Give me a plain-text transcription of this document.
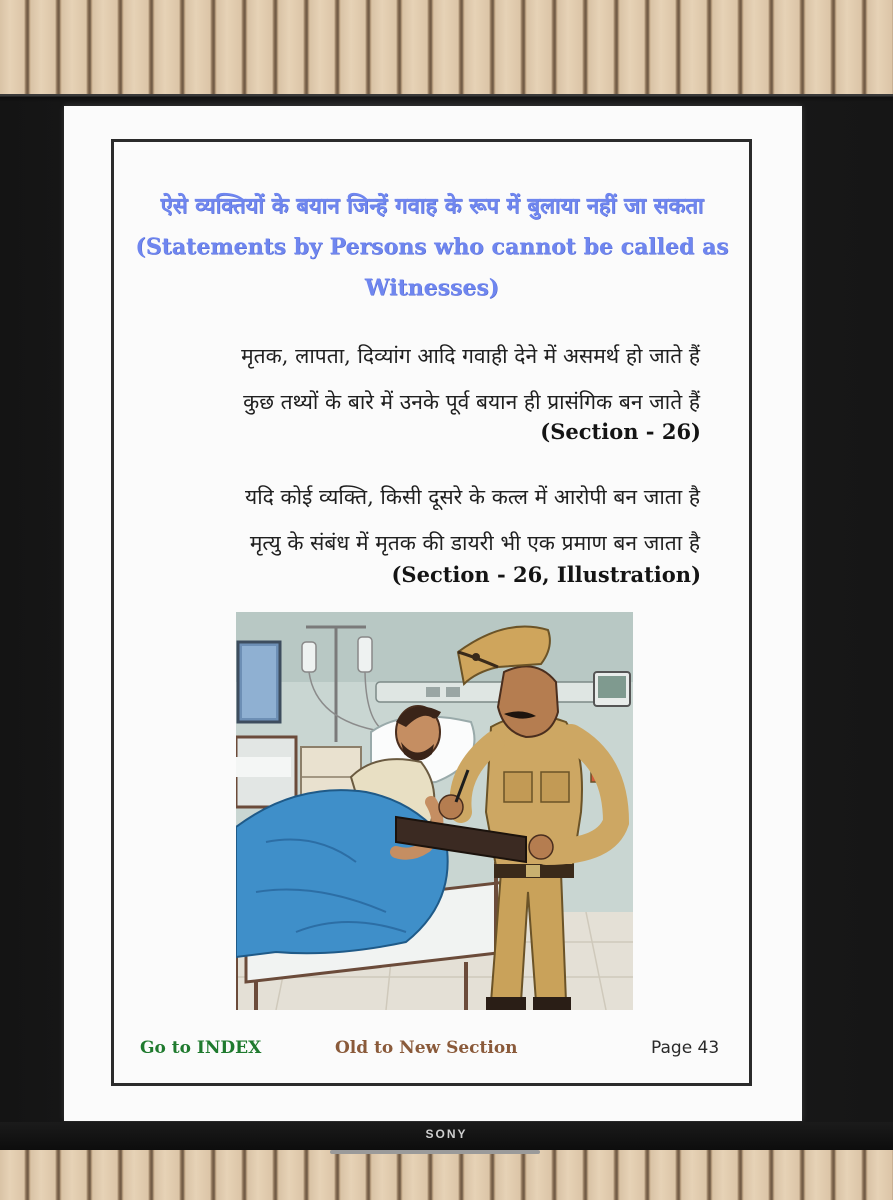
ऐसे व्यक्तियों के बयान जिन्हें गवाह के रूप में बुलाया नहीं जा सकता (Statements by Persons who cannot be called as Witnesses)
मृतक, लापता, दिव्यांग आदि गवाही देने में असमर्थ हो जाते हैं
कुछ तथ्यों के बारे में उनके पूर्व बयान ही प्रासंगिक बन जाते हैं
(Section - 26)
यदि कोई व्यक्ति, किसी दूसरे के कत्ल में आरोपी बन जाता है
मृत्यु के संबंध में मृतक की डायरी भी एक प्रमाण बन जाता है
(Section - 26, Illustration)
Go to INDEX	Old to New Section	Page 43
SONY
